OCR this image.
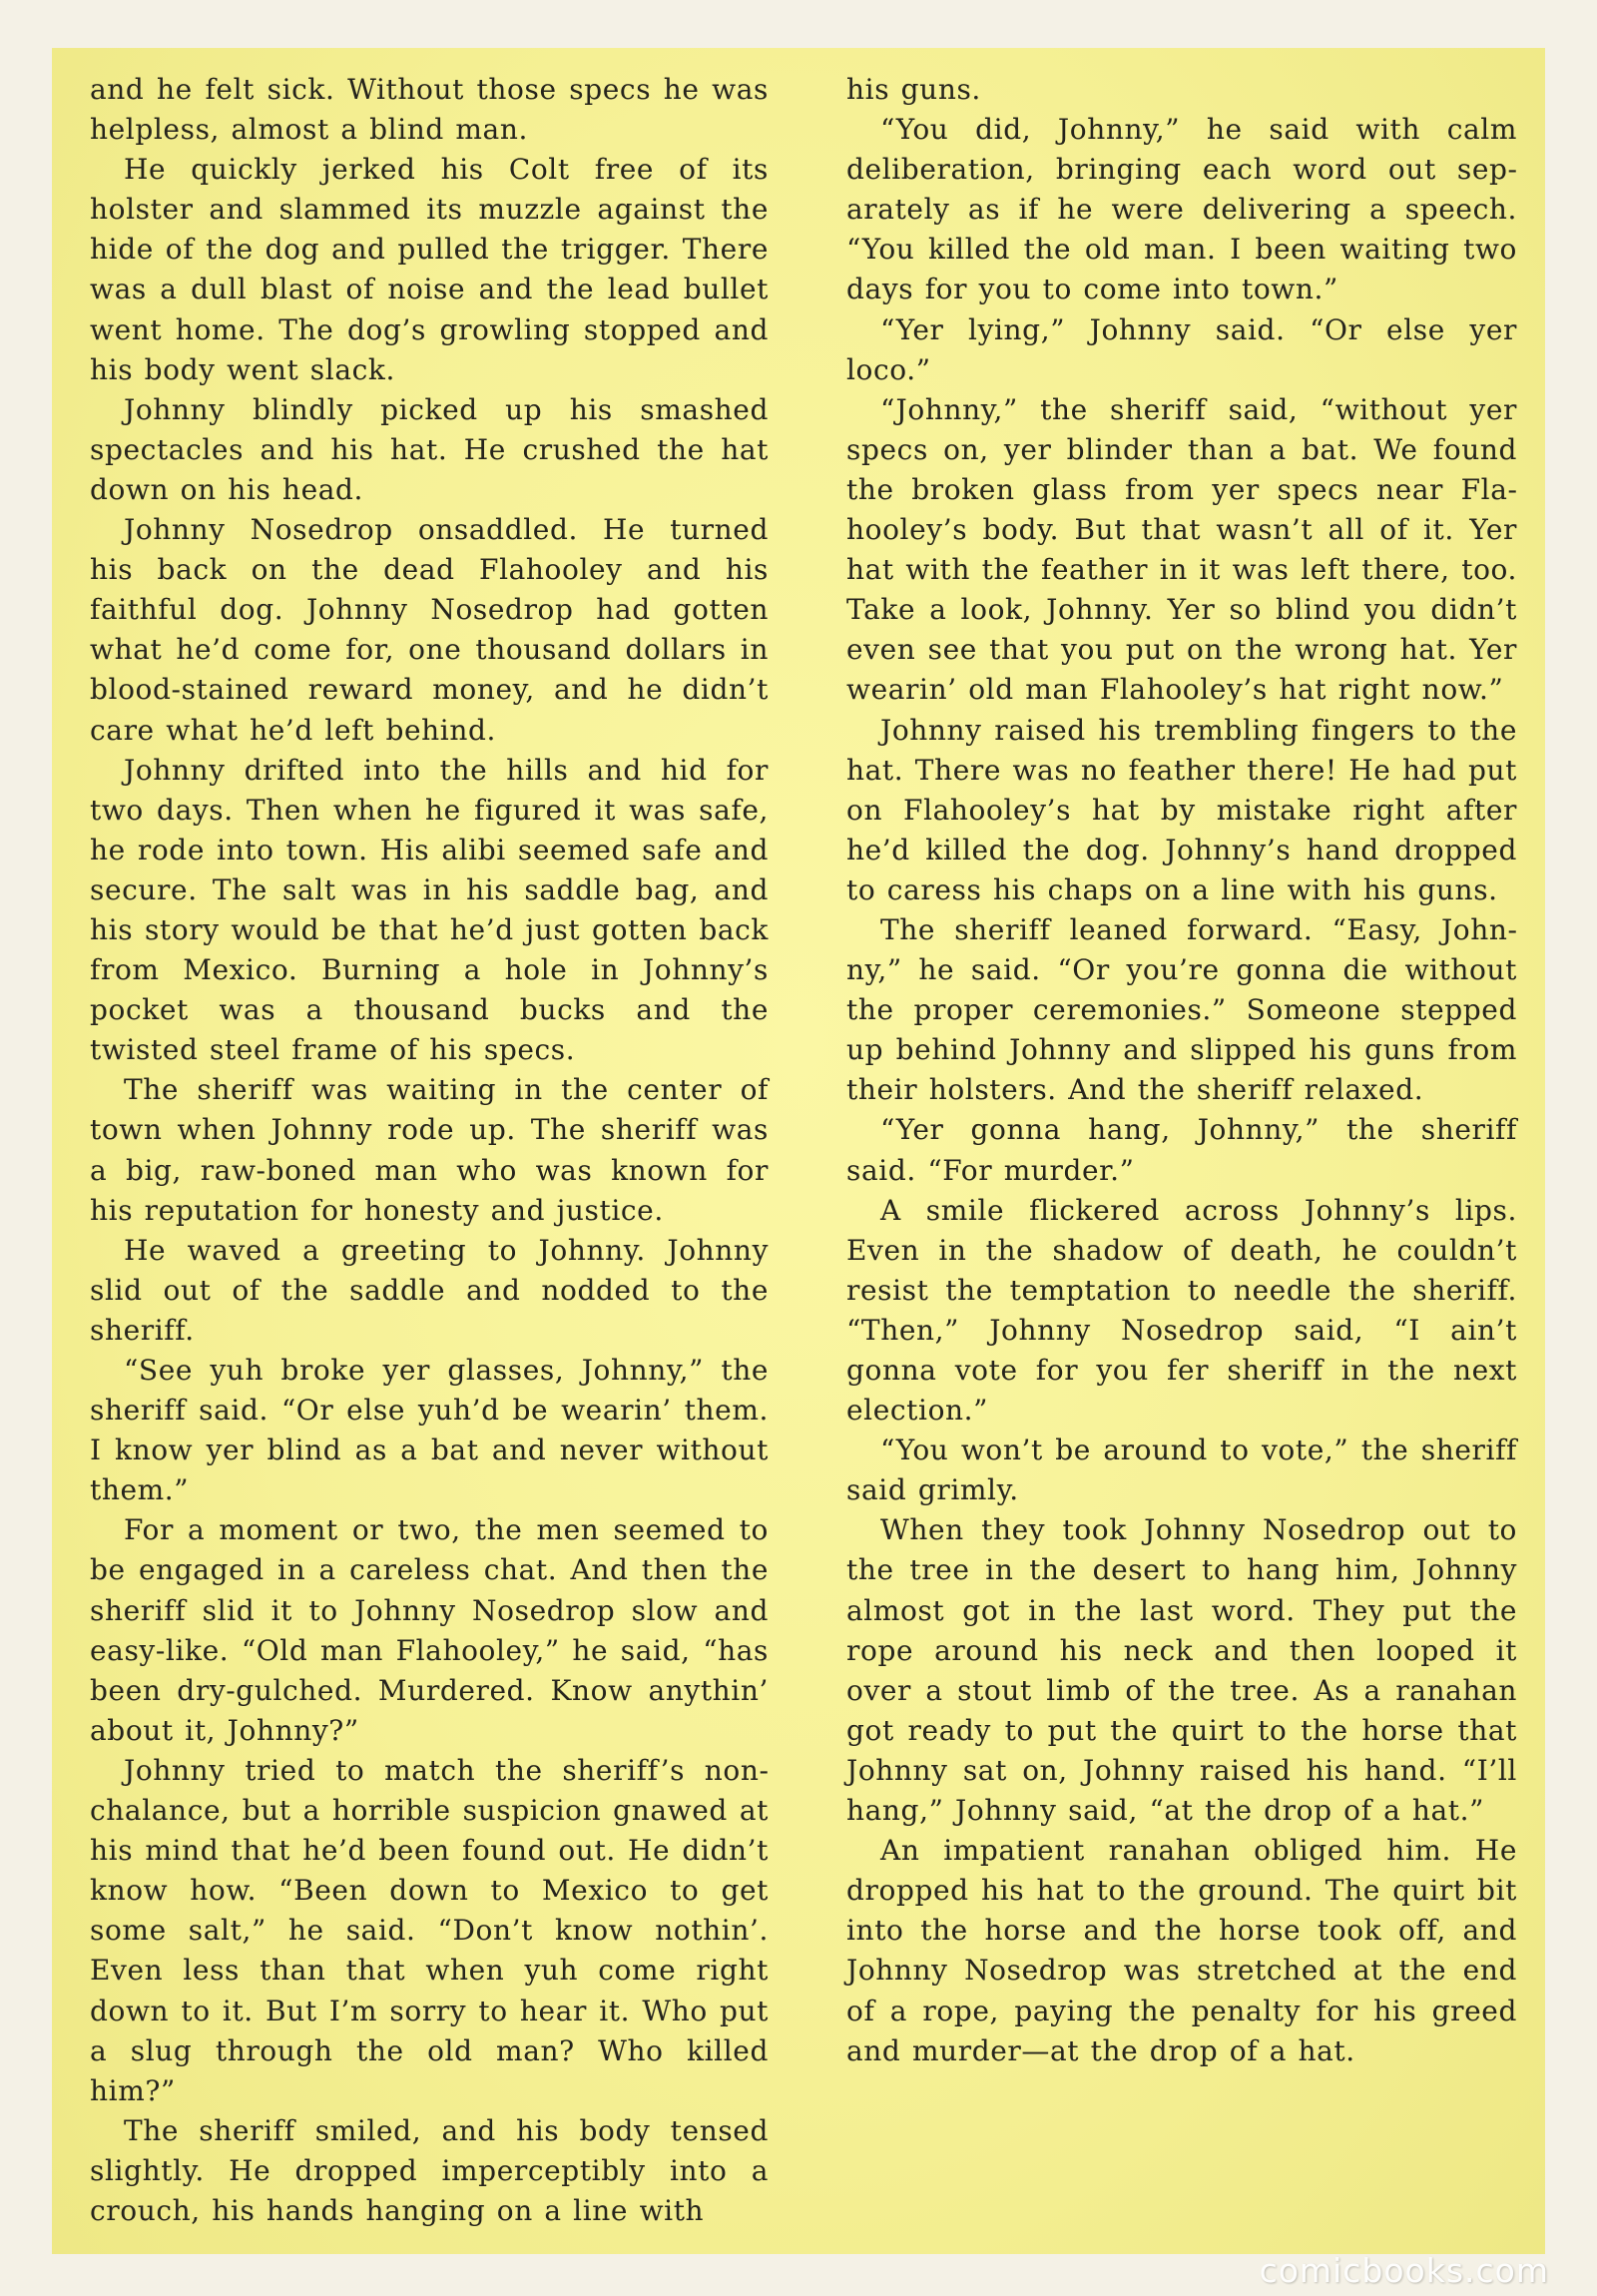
and he felt sick. Without those specs he was helpless, almost a blind man.

He quickly jerked his Colt free of its holster and slammed its muzzle against the hide of the dog and pulled the trigger. There was a dull blast of noise and the lead bullet went home. The dog’s growling stopped and his body went slack.

Johnny blindly picked up his smashed spectacles and his hat. He crushed the hat down on his head.

Johnny Nosedrop onsaddled. He turned his back on the dead Flahooley and his faithful dog. Johnny Nosedrop had gotten what he’d come for, one thousand dollars in blood-stained reward money, and he didn’t care what he’d left behind.

Johnny drifted into the hills and hid for two days. Then when he figured it was safe, he rode into town. His alibi seemed safe and secure. The salt was in his saddle bag, and his story would be that he’d just gotten back from Mexico. Burning a hole in Johnny’s pocket was a thousand bucks and the twisted steel frame of his specs.

The sheriff was waiting in the center of town when Johnny rode up. The sheriff was a big, raw-boned man who was known for his reputation for honesty and justice.

He waved a greeting to Johnny. Johnny slid out of the saddle and nodded to the sheriff.

“See yuh broke yer glasses, Johnny,” the sheriff said. “Or else yuh’d be wearin’ them. I know yer blind as a bat and never without them.”

For a moment or two, the men seemed to be engaged in a careless chat. And then the sheriff slid it to Johnny Nosedrop slow and easy-like. “Old man Flahooley,” he said, “has been dry-gulched. Murdered. Know anythin’ about it, Johnny?”

Johnny tried to match the sheriff’s nonchalance, but a horrible suspicion gnawed at his mind that he’d been found out. He didn’t know how. “Been down to Mexico to get some salt,” he said. “Don’t know nothin’. Even less than that when yuh come right down to it. But I’m sorry to hear it. Who put a slug through the old man? Who killed him?”

The sheriff smiled, and his body tensed slightly. He dropped imperceptibly into a crouch, his hands hanging on a line with

his guns.

“You did, Johnny,” he said with calm deliberation, bringing each word out separately as if he were delivering a speech. “You killed the old man. I been waiting two days for you to come into town.”

“Yer lying,” Johnny said. “Or else yer loco.”

“Johnny,” the sheriff said, “without yer specs on, yer blinder than a bat. We found the broken glass from yer specs near Flahooley’s body. But that wasn’t all of it. Yer hat with the feather in it was left there, too. Take a look, Johnny. Yer so blind you didn’t even see that you put on the wrong hat. Yer wearin’ old man Flahooley’s hat right now.”

Johnny raised his trembling fingers to the hat. There was no feather there! He had put on Flahooley’s hat by mistake right after he’d killed the dog. Johnny’s hand dropped to caress his chaps on a line with his guns.

The sheriff leaned forward. “Easy, Johnny,” he said. “Or you’re gonna die without the proper ceremonies.” Someone stepped up behind Johnny and slipped his guns from their holsters. And the sheriff relaxed.

“Yer gonna hang, Johnny,” the sheriff said. “For murder.”

A smile flickered across Johnny’s lips. Even in the shadow of death, he couldn’t resist the temptation to needle the sheriff. “Then,” Johnny Nosedrop said, “I ain’t gonna vote for you fer sheriff in the next election.”

“You won’t be around to vote,” the sheriff said grimly.

When they took Johnny Nosedrop out to the tree in the desert to hang him, Johnny almost got in the last word. They put the rope around his neck and then looped it over a stout limb of the tree. As a ranahan got ready to put the quirt to the horse that Johnny sat on, Johnny raised his hand. “I’ll hang,” Johnny said, “at the drop of a hat.”

An impatient ranahan obliged him. He dropped his hat to the ground. The quirt bit into the horse and the horse took off, and Johnny Nosedrop was stretched at the end of a rope, paying the penalty for his greed and murder—at the drop of a hat.

comicbooks.com
